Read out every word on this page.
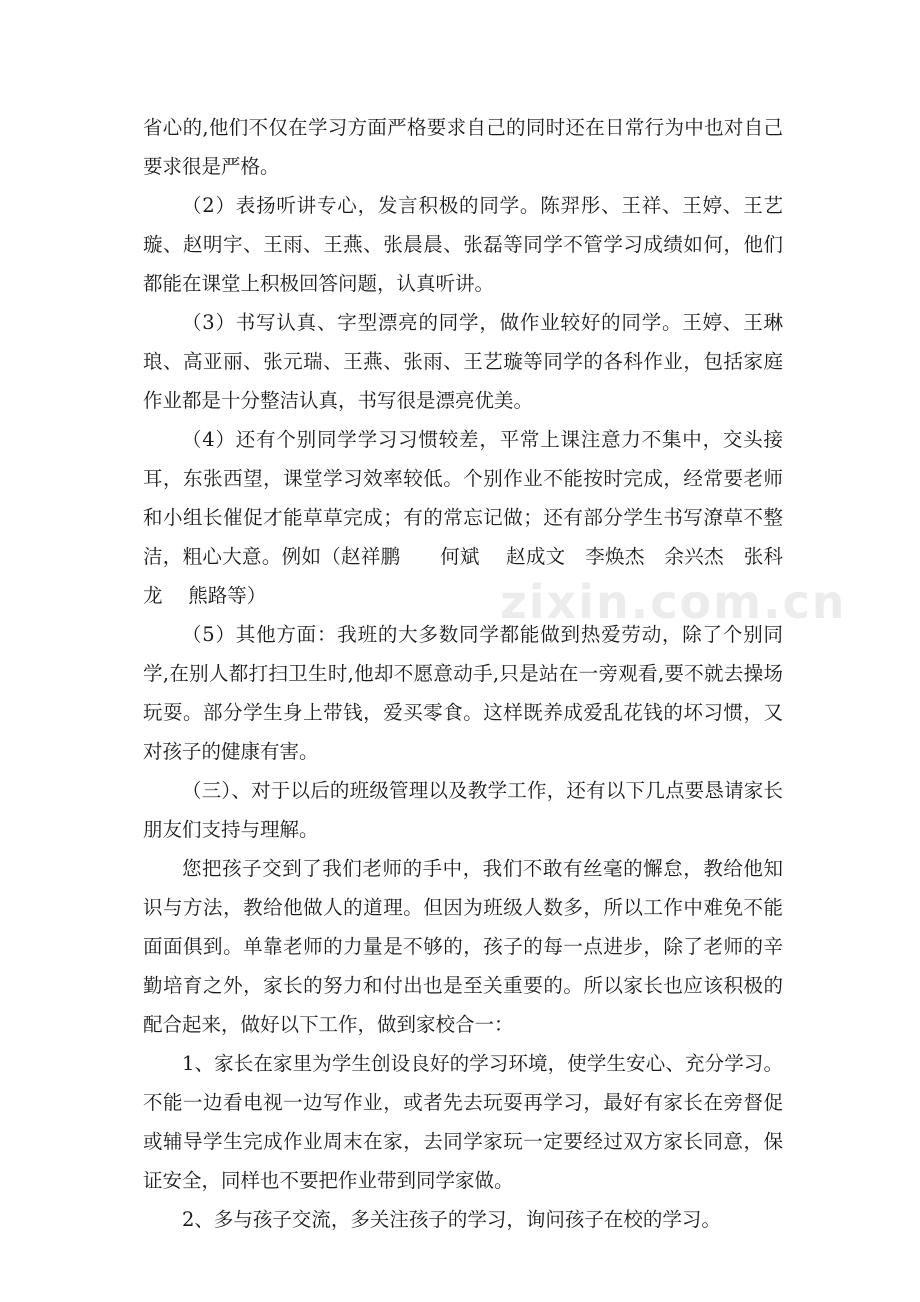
省心的,他们不仅在学习方面严格要求自己的同时还在日常行为中也对自己要求很是严格。

（2）表扬听讲专心，发言积极的同学。陈羿彤、王祥、王婷、王艺璇、赵明宇、王雨、王燕、张晨晨、张磊等同学不管学习成绩如何，他们都能在课堂上积极回答问题，认真听讲。

（3）书写认真、字型漂亮的同学，做作业较好的同学。王婷、王琳琅、高亚丽、张元瑞、王燕、张雨、王艺璇等同学的各科作业，包括家庭作业都是十分整洁认真，书写很是漂亮优美。

（4）还有个别同学学习习惯较差，平常上课注意力不集中，交头接耳，东张西望，课堂学习效率较低。个别作业不能按时完成，经常要老师和小组长催促才能草草完成；有的常忘记做；还有部分学生书写潦草不整洁，粗心大意。例如（赵祥鹏　　何斌　 赵成文　李焕杰　余兴杰　张科龙　 熊路等）

（5）其他方面：我班的大多数同学都能做到热爱劳动，除了个别同学,在别人都打扫卫生时,他却不愿意动手,只是站在一旁观看,要不就去操场玩耍。部分学生身上带钱，爱买零食。这样既养成爱乱花钱的坏习惯，又对孩子的健康有害。

（三）、对于以后的班级管理以及教学工作，还有以下几点要恳请家长朋友们支持与理解。

您把孩子交到了我们老师的手中，我们不敢有丝毫的懈怠，教给他知识与方法，教给他做人的道理。但因为班级人数多，所以工作中难免不能面面俱到。单靠老师的力量是不够的，孩子的每一点进步，除了老师的辛勤培育之外，家长的努力和付出也是至关重要的。所以家长也应该积极的配合起来，做好以下工作，做到家校合一：

1、家长在家里为学生创设良好的学习环境，使学生安心、充分学习。不能一边看电视一边写作业，或者先去玩耍再学习，最好有家长在旁督促或辅导学生完成作业周末在家，去同学家玩一定要经过双方家长同意，保证安全，同样也不要把作业带到同学家做。

2、多与孩子交流，多关注孩子的学习，询问孩子在校的学习。

zixin.com.cn
